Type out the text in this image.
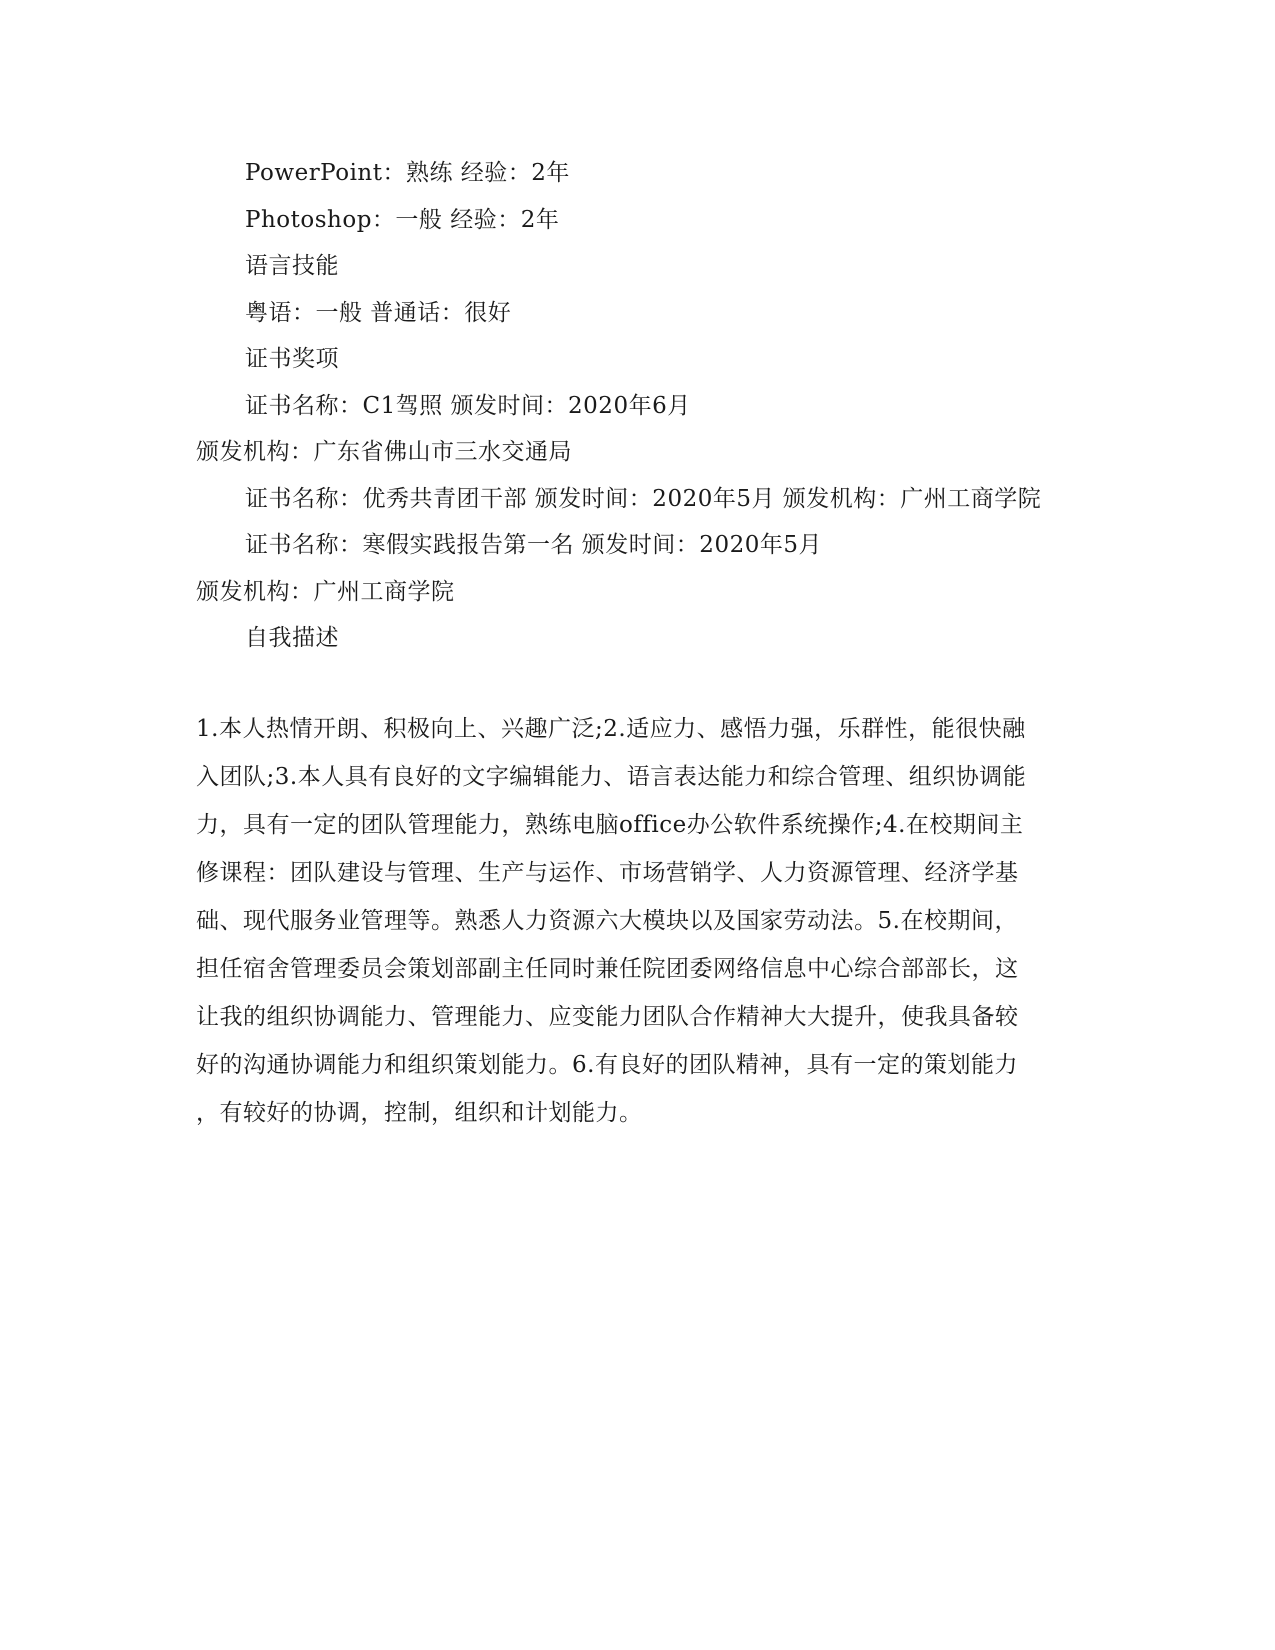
PowerPoint：熟练 经验：2年
Photoshop：一般 经验：2年
语言技能
粤语：一般 普通话：很好
证书奖项
证书名称：C1驾照 颁发时间：2020年6月
颁发机构：广东省佛山市三水交通局
证书名称：优秀共青团干部 颁发时间：2020年5月 颁发机构：广州工商学院
证书名称：寒假实践报告第一名 颁发时间：2020年5月
颁发机构：广州工商学院
自我描述
1.本人热情开朗、积极向上、兴趣广泛;2.适应力、感悟力强，乐群性，能很快融
入团队;3.本人具有良好的文字编辑能力、语言表达能力和综合管理、组织协调能
力，具有一定的团队管理能力，熟练电脑office办公软件系统操作;4.在校期间主
修课程：团队建设与管理、生产与运作、市场营销学、人力资源管理、经济学基
础、现代服务业管理等。熟悉人力资源六大模块以及国家劳动法。5.在校期间，
担任宿舍管理委员会策划部副主任同时兼任院团委网络信息中心综合部部长，这
让我的组织协调能力、管理能力、应变能力团队合作精神大大提升，使我具备较
好的沟通协调能力和组织策划能力。6.有良好的团队精神，具有一定的策划能力
，有较好的协调，控制，组织和计划能力。
